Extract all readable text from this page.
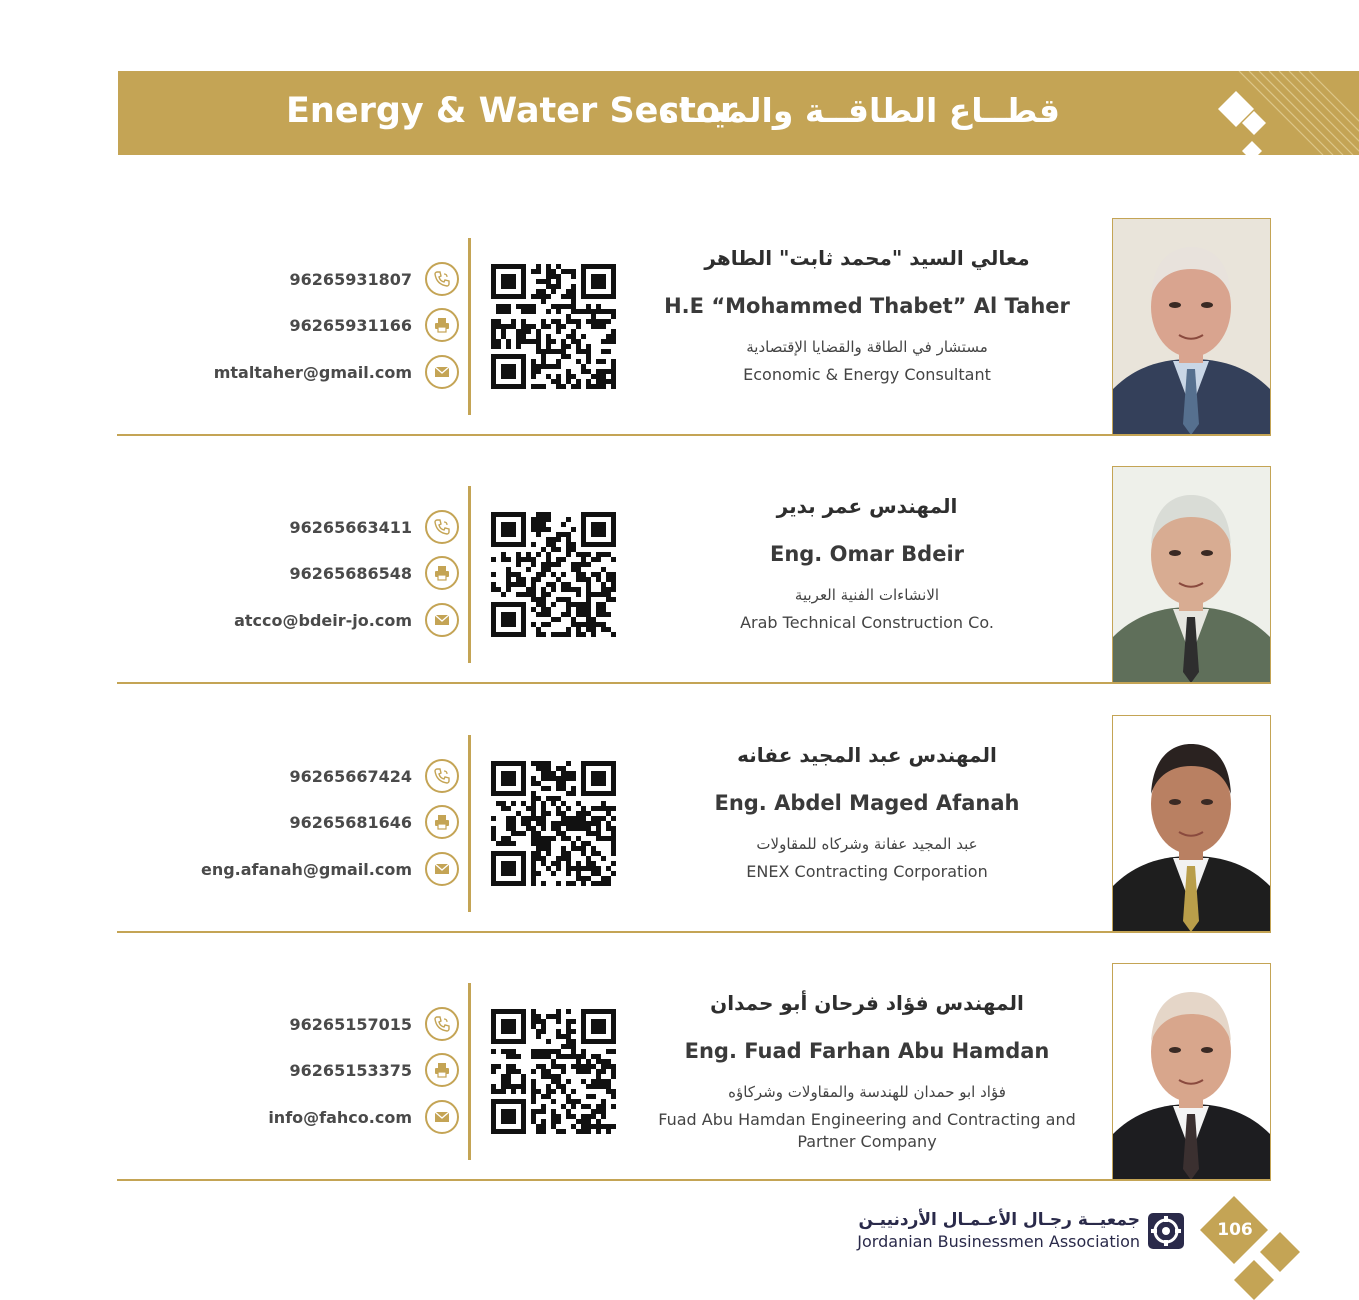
Energy & Water Sector
قطــاع الطاقــة والميــاه
96265931807
96265931166
mtaltaher@gmail.com
معالي السيد "محمد ثابت" الطاهر
H.E “Mohammed Thabet” Al Taher
مستشار في الطاقة والقضايا الإقتصادية
Economic & Energy Consultant
96265663411
96265686548
atcco@bdeir-jo.com
المهندس عمر بدير
Eng. Omar Bdeir
الانشاءات الفنية العربية
Arab Technical Construction Co.
96265667424
96265681646
eng.afanah@gmail.com
المهندس عبد المجيد عفانه
Eng. Abdel Maged Afanah
عبد المجيد عفانة وشركاه للمقاولات
ENEX Contracting Corporation
96265157015
96265153375
info@fahco.com
المهندس فؤاد فرحان أبو حمدان
Eng. Fuad Farhan Abu Hamdan
فؤاد ابو حمدان للهندسة والمقاولات وشركاؤه
Fuad Abu Hamdan Engineering and Contracting and Partner Company
جمعيــة رجـال الأعـمـال الأردنييـن
Jordanian Businessmen Association
106
